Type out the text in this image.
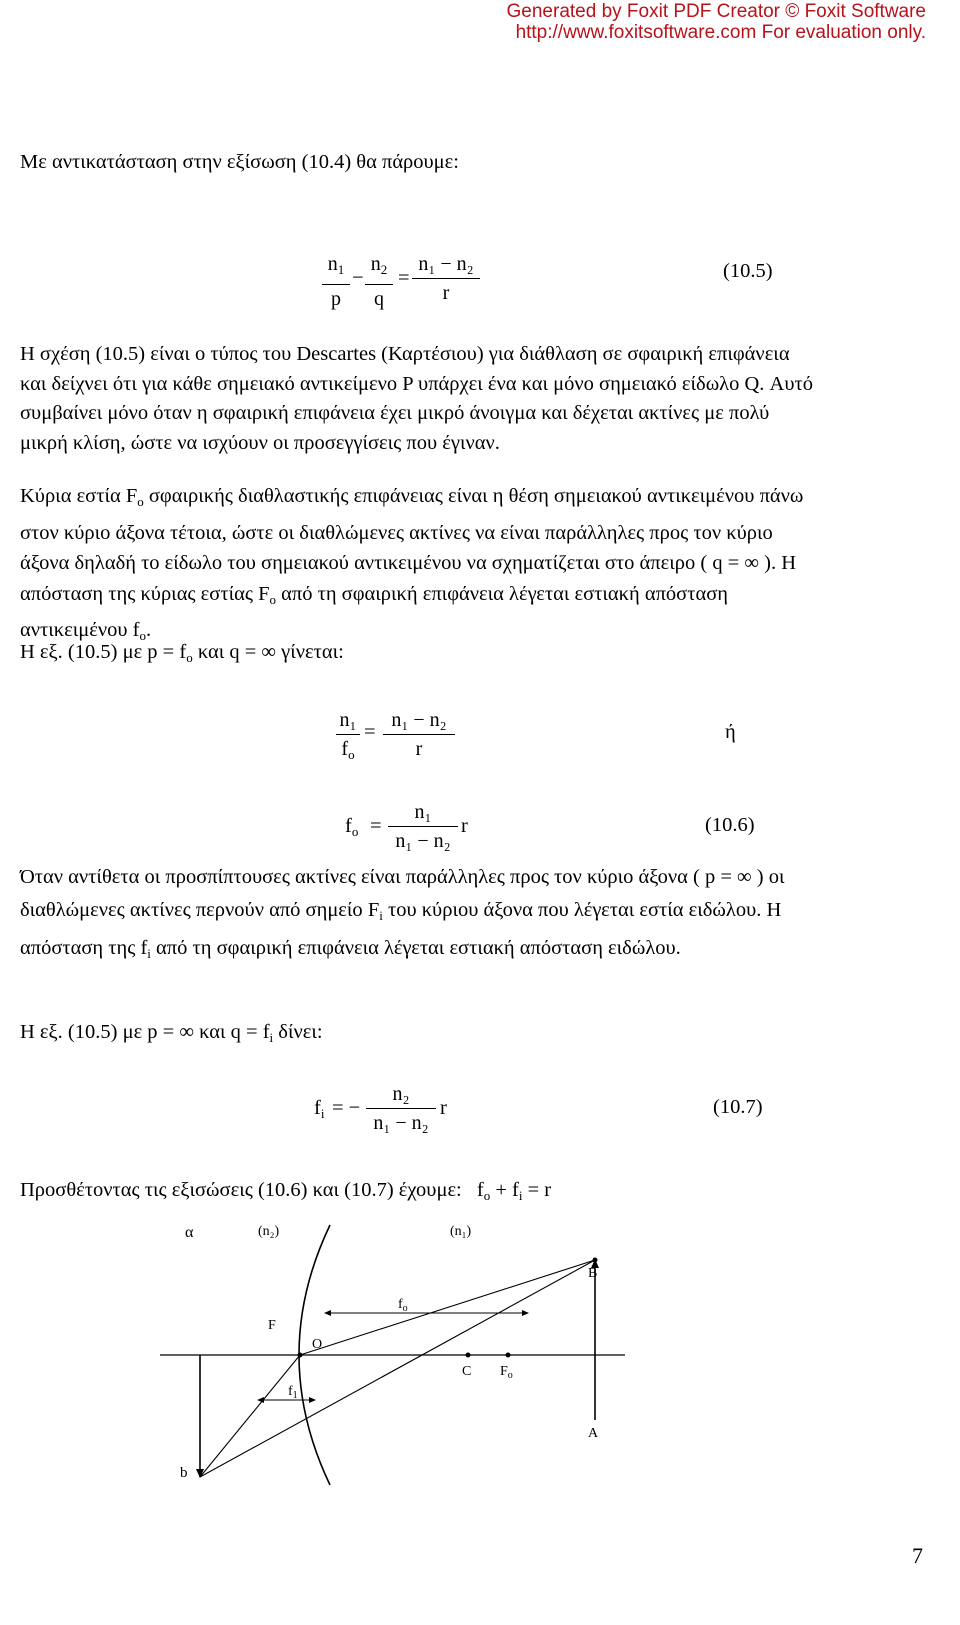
Generated by Foxit PDF Creator © Foxit Software
http://www.foxitsoftware.com For evaluation only.
Με αντικατάσταση στην εξίσωση (10.4) θα πάρουμε:
$n_1$
p
−
$n_2$
q
=
n₁ − n₂
r
(10.5)
Η σχέση (10.5) είναι ο τύπος του Descartes (Καρτέσιου) για διάθλαση σε σφαιρική επιφάνεια και δείχνει ότι για κάθε σημειακό αντικείμενο P υπάρχει ένα και μόνο σημειακό είδωλο Q. Αυτό συμβαίνει μόνο όταν η σφαιρική επιφάνεια έχει μικρό άνοιγμα και δέχεται ακτίνες με πολύ μικρή κλίση, ώστε να ισχύουν οι προσεγγίσεις που έγιναν.
Κύρια εστία $F_o$ σφαιρικής διαθλαστικής επιφάνειας είναι η θέση σημειακού αντικειμένου πάνω στον κύριο άξονα τέτοια, ώστε οι διαθλώμενες ακτίνες να είναι παράλληλες προς τον κύριο άξονα δηλαδή το είδωλο του σημειακού αντικειμένου να σχηματίζεται στο άπειρο ( q = ∞ ). Η απόσταση της κύριας εστίας $F_o$ από τη σφαιρική επιφάνεια λέγεται εστιακή απόσταση αντικειμένου $f_o$.
Η εξ. (10.5) με $p = f_o$ και q = ∞ γίνεται:
n₁
$f_o$
=
n₁ − n₂
r
ή
$f_o$ =
n₁
n₁ − n₂
r	(10.6)
Όταν αντίθετα οι προσπίπτουσες ακτίνες είναι παράλληλες προς τον κύριο άξονα ( p = ∞ ) οι διαθλώμενες ακτίνες περνούν από σημείο $F_i$ του κύριου άξονα που λέγεται εστία ειδώλου. Η απόσταση της $f_i$ από τη σφαιρική επιφάνεια λέγεται εστιακή απόσταση ειδώλου.
Η εξ. (10.5) με p = ∞ και $q = f_i$ δίνει:
$f_i$ = −
n₂
n₁ − n₂
r	(10.7)
Προσθέτοντας τις εξισώσεις (10.6) και (10.7) έχουμε: $f_o + f_i = r$
α	(n₂)	(n₁)
B
F
O
C $F_o$
$f_o$
$f_1$
A
b
7
